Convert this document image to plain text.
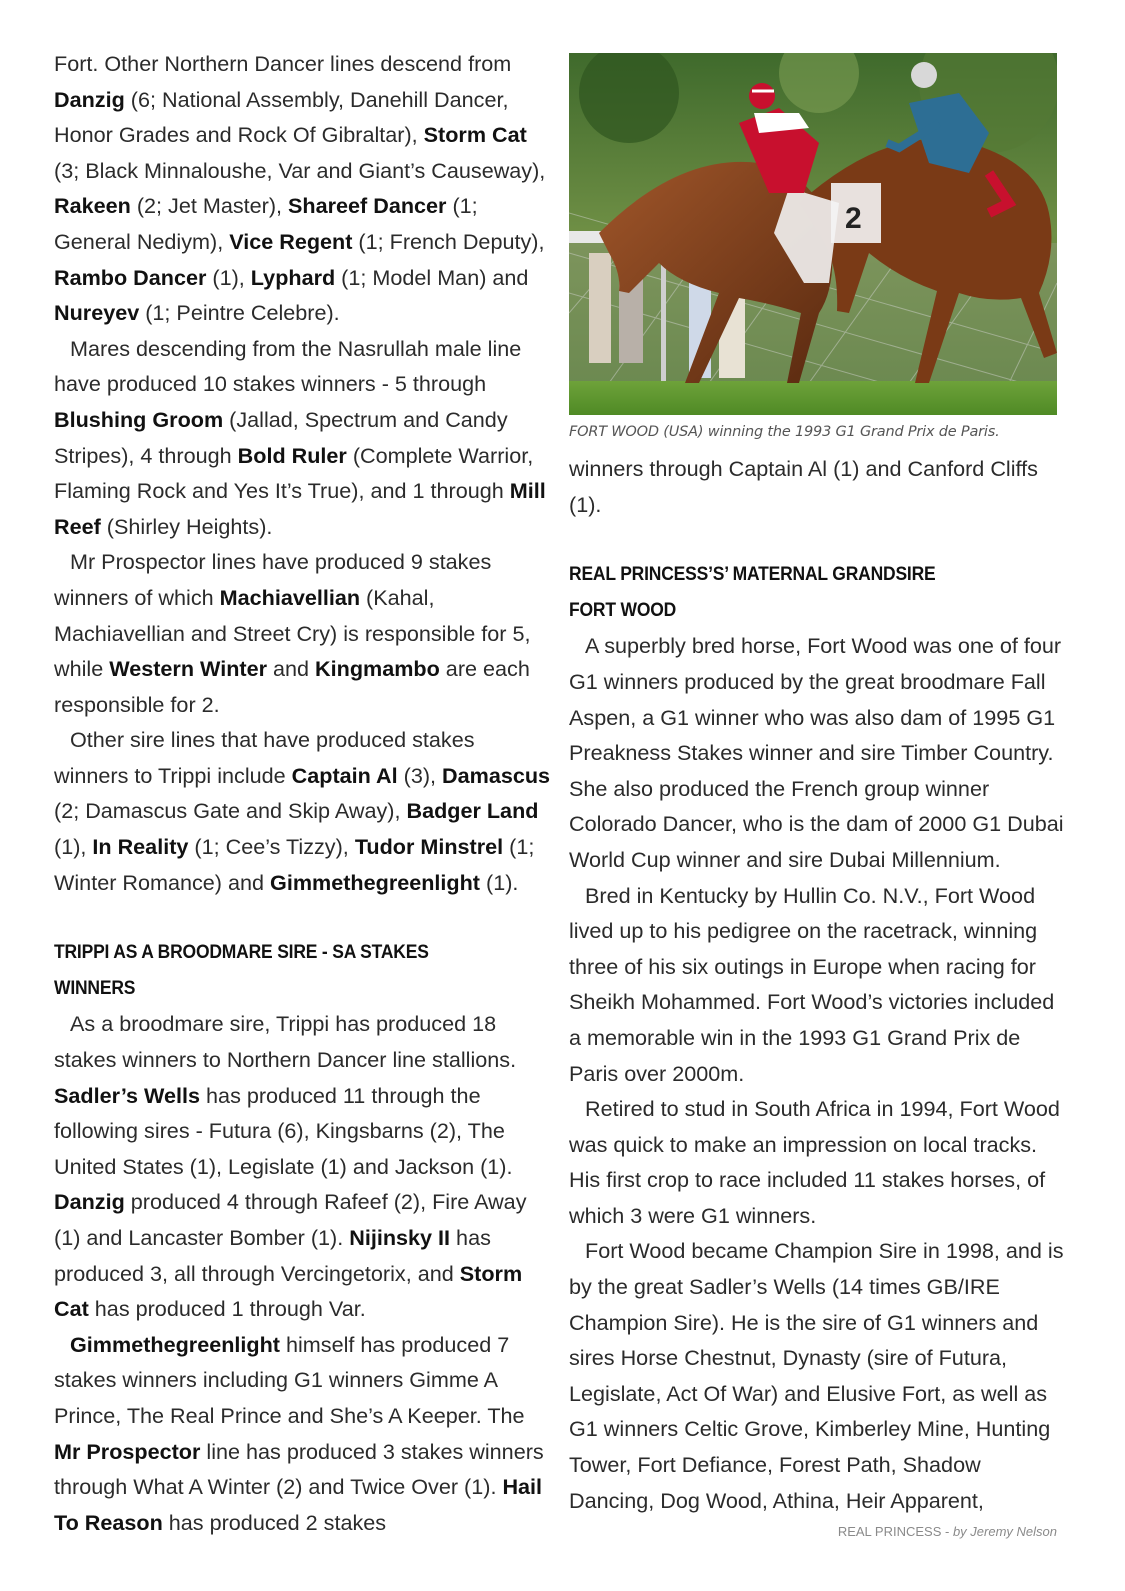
Fort. Other Northern Dancer lines descend from Danzig (6; National Assembly, Danehill Dancer, Honor Grades and Rock Of Gibraltar), Storm Cat (3; Black Minnaloushe, Var and Giant’s Causeway), Rakeen (2; Jet Master), Shareef Dancer (1; General Nediym), Vice Regent (1; French Deputy), Rambo Dancer (1), Lyphard (1; Model Man) and Nureyev (1; Peintre Celebre).

Mares descending from the Nasrullah male line have produced 10 stakes winners - 5 through Blushing Groom (Jallad, Spectrum and Candy Stripes), 4 through Bold Ruler (Complete Warrior, Flaming Rock and Yes It’s True), and 1 through Mill Reef (Shirley Heights).

Mr Prospector lines have produced 9 stakes winners of which Machiavellian (Kahal, Machiavellian and Street Cry) is responsible for 5, while Western Winter and Kingmambo are each responsible for 2.

Other sire lines that have produced stakes winners to Trippi include Captain Al (3), Damascus (2; Damascus Gate and Skip Away), Badger Land (1), In Reality (1; Cee’s Tizzy), Tudor Minstrel (1; Winter Romance) and Gimmethegreenlight (1).

TRIPPI AS A BROODMARE SIRE - SA STAKES WINNERS

As a broodmare sire, Trippi has produced 18 stakes winners to Northern Dancer line stallions. Sadler’s Wells has produced 11 through the following sires - Futura (6), Kingsbarns (2), The United States (1), Legislate (1) and Jackson (1). Danzig produced 4 through Rafeef (2), Fire Away (1) and Lancaster Bomber (1). Nijinsky II has produced 3, all through Vercingetorix, and Storm Cat has produced 1 through Var.

Gimmethegreenlight himself has produced 7 stakes winners including G1 winners Gimme A Prince, The Real Prince and She’s A Keeper. The Mr Prospector line has produced 3 stakes winners through What A Winter (2) and Twice Over (1). Hail To Reason has produced 2 stakes

2
FORT WOOD (USA) winning the 1993 G1 Grand Prix de Paris.

winners through Captain Al (1) and Canford Cliffs (1).

REAL PRINCESS’S’ MATERNAL GRANDSIRE
FORT WOOD

A superbly bred horse, Fort Wood was one of four G1 winners produced by the great broodmare Fall Aspen, a G1 winner who was also dam of 1995 G1 Preakness Stakes winner and sire Timber Country. She also produced the French group winner Colorado Dancer, who is the dam of 2000 G1 Dubai World Cup winner and sire Dubai Millennium.

Bred in Kentucky by Hullin Co. N.V., Fort Wood lived up to his pedigree on the racetrack, winning three of his six outings in Europe when racing for Sheikh Mohammed. Fort Wood’s victories included a memorable win in the 1993 G1 Grand Prix de Paris over 2000m.

Retired to stud in South Africa in 1994, Fort Wood was quick to make an impression on local tracks. His first crop to race included 11 stakes horses, of which 3 were G1 winners.

Fort Wood became Champion Sire in 1998, and is by the great Sadler’s Wells (14 times GB/IRE Champion Sire). He is the sire of G1 winners and sires Horse Chestnut, Dynasty (sire of Futura, Legislate, Act Of War) and Elusive Fort, as well as G1 winners Celtic Grove, Kimberley Mine, Hunting Tower, Fort Defiance, Forest Path, Shadow Dancing, Dog Wood, Athina, Heir Apparent,

REAL PRINCESS - by Jeremy Nelson
